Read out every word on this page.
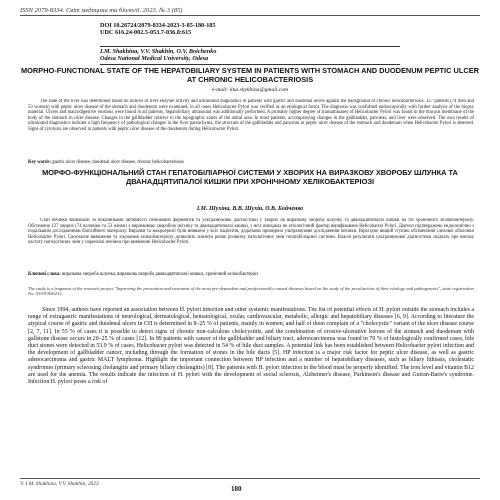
ISSN 2079-8334. Світ медицини та біології. 2023. № 3 (85)
DOI 10.26724/2079-8334-2023-3-85-180-185
UDC 616.24-002.5-053.7-036.8:615
I.M. Shakhina, V.V. Shakhin, O.V. Boichenko
Odesa National Medical University, Odesa
MORPHO-FUNCTIONAL STATE OF THE HEPATOBILIARY SYSTEM IN PATIENTS WITH STOMACH AND DUODENUM PEPTIC ULCER AT CHRONIC HELICOBACTERIOSIS
e-mail: ilna.shykhina@gmail.com
The state of the liver was determined based on indices of liver enzyme activity and ultrasound diagnostics in patients with gastric and duodenal ulcers against the background of chronic helicobacteriosis. 127 patients (74 men and 53 women) with peptic ulcer disease of the stomach and duodenum were examined, in all cases Helicobacter Pylori was verified as an etiological factor. The diagnosis was confirmed endoscopically with further analysis of the biopsy material. Ulcers and macrodigestive erosions were found in all patients, hepatobiliary ultrasound was additionally performed. A probably higher degree of transaminases of Helicobacter Pylori was found in the mucous membrane of the body of the stomach in ulcer disease. Changes in the gallbladder relative to the topographic zones of the antral area. In most patients, accompanying changes in the gallbladder, pancreas, and liver were observed. The own results of ultrasound diagnostics indicate a high frequency of pathological changes in the liver parenchyma, the structure of the gallbladder and pancreas in peptic ulcer disease of the stomach and duodenum when Helicobacter Pylori is detected. Signs of cytolysis are observed in patients with peptic ulcer disease of the duodenum during Helicobacter Pylori.
Key words: gastric ulcer disease, duodenal ulcer disease, chronic helicobacteriosis
МОРФО-ФУНКЦІОНАЛЬНИЙ СТАН ГЕПАТОБІЛІАРНОЇ СИСТЕМИ У ХВОРИХ НА ВИРАЗКОВУ ХВОРОБУ ШЛУНКА ТА ДВАНАДЦЯТИПАЛОЇ КИШКИ ПРИ ХРОНІЧНОМУ ХЕЛІКОБАКТЕРІОЗІ
І.М. Шухіна, В.В. Шухін, О.В. Бойченко
Стан печінки визначали за показниками активності печінкових ферментів та ультразвукової діагностики у хворих на виразкову хворобу шлунку та дванадцятипалої кишки на тлі хронічного хелікобактеріозу. Обстежено 127 хворих (74 чоловіки та 53 жінки) з виразковою хворобою шлунку та дванадцятипалої кишки, у всіх випадках як етіологічний фактор верифіковано Helicobacter Pylori. Діагноз підтверджено ендоскопічно з подальшим дослідженням біопсійного матеріалу. Виразки та макроерозії були виявлені у всіх пацієнтів, додатково проведено ультразвукове дослідження печінки. Вірогідно вищий ступінь обсіменіння слизової оболонки Helicobacter Pylori. Своєчасне виявлення та лікування хелікобактеріозу дозволить знизити ризик розвитку патологічних змін гепатобіліарної системи. Власні результати ультразвукової діагностики свідчать про високу частоту патологічних змін у паренхімі печінки при виявленні Helicobacter Pylori.
Ключові слова: виразкова хвороба шлунка, виразкова хвороба дванадцятипалої кишки, хронічний хелікобактеріоз
The study is a fragment of the research project "Improving the prevention and treatment of the most pre-dependent and professionally caused diseases based on the study of the peculiarities of their etiology and pathogenesis", state registration No. 0119U000233.
Since 1994, authors have reported an association between H. pylori infection and other systemic manifestations. The list of potential effects of H. pylori outside the stomach includes a range of extragastric manifestations of neurological, dermatological, hematological, ocular, cardiovascular, metabolic, allergic and hepatobiliary diseases [6, 9]. According to literature the atypical course of gastric and duodenal ulcers in CH is determined in 8–25 % of patients, mainly in women, and half of them complain of a "cholecystic" variant of the ulcer disease course [2, 7, 11]. In 55 % of cases it is possible to detect signs of chronic non-calculous cholecystitis, and the combination of erosive-ulcerative lesions of the stomach and duodenum with gallstone disease occurs in 20–25 % of cases [12]. In 89 patients with cancer of the gallbladder and biliary tract, adenocarcinoma was found in 70 % of histologically confirmed cases, bile duct stones were detected in 53.9 % of cases, Helicobacter pylori was detected in 54 % of bile duct samples. A potential link has been established between Helicobacter pylori infection and the development of gallbladder cancer, including through the formation of stones in the bile ducts [5]. HP infection is a major risk factor for peptic ulcer disease, as well as gastric adenocarcinoma and gastric MALT lymphoma. Highlight the important connection between HP infection and a number of hepatobiliary diseases, such as biliary lithiasis, cholestatic syndromes (primary sclerosing cholangitis and primary biliary cholangitis) [8]. The patients with H. pylori infection in the blood must be properly identified. The iron level and vitamin B12 are used for the anemia. The results indicate the infection of H. pylori with the development of social sclerosis, Alzheimer's disease, Parkinson's disease and Guiran-Barre's syndrome. Infection H. pylori poses a risk of
© I.M. Shakhina, V.V. Shakhin, 2023
180
